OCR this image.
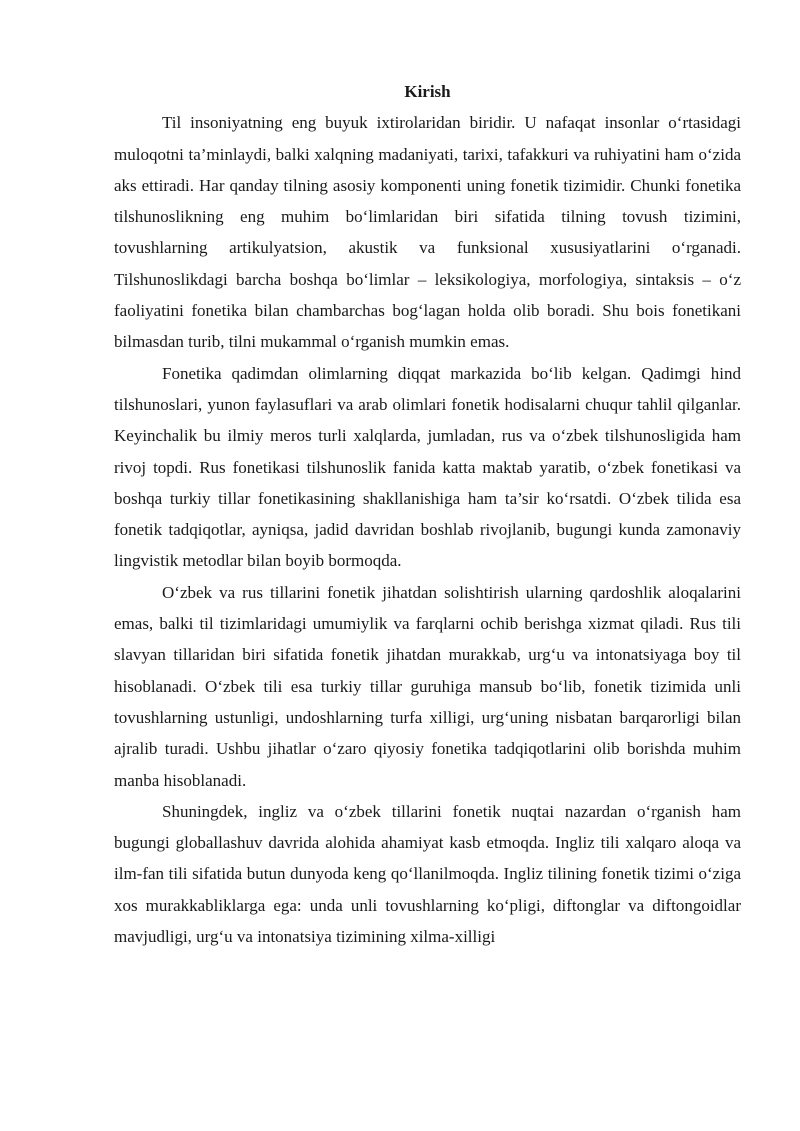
Kirish

Til insoniyatning eng buyuk ixtirolaridan biridir. U nafaqat insonlar o‘rtasidagi muloqotni ta’minlaydi, balki xalqning madaniyati, tarixi, tafakkuri va ruhiyatini ham o‘zida aks ettiradi. Har qanday tilning asosiy komponenti uning fonetik tizimidir. Chunki fonetika tilshunoslikning eng muhim bo‘limlaridan biri sifatida tilning tovush tizimini, tovushlarning artikulyatsion, akustik va funksional xususiyatlarini o‘rganadi. Tilshunoslikdagi barcha boshqa bo‘limlar – leksikologiya, morfologiya, sintaksis – o‘z faoliyatini fonetika bilan chambarchas bog‘lagan holda olib boradi. Shu bois fonetikani bilmasdan turib, tilni mukammal o‘rganish mumkin emas.

Fonetika qadimdan olimlarning diqqat markazida bo‘lib kelgan. Qadimgi hind tilshunoslari, yunon faylasuflari va arab olimlari fonetik hodisalarni chuqur tahlil qilganlar. Keyinchalik bu ilmiy meros turli xalqlarda, jumladan, rus va o‘zbek tilshunosligida ham rivoj topdi. Rus fonetikasi tilshunoslik fanida katta maktab yaratib, o‘zbek fonetikasi va boshqa turkiy tillar fonetikasining shakllanishiga ham ta’sir ko‘rsatdi. O‘zbek tilida esa fonetik tadqiqotlar, ayniqsa, jadid davridan boshlab rivojlanib, bugungi kunda zamonaviy lingvistik metodlar bilan boyib bormoqda.

O‘zbek va rus tillarini fonetik jihatdan solishtirish ularning qardoshlik aloqalarini emas, balki til tizimlaridagi umumiylik va farqlarni ochib berishga xizmat qiladi. Rus tili slavyan tillaridan biri sifatida fonetik jihatdan murakkab, urg‘u va intonatsiyaga boy til hisoblanadi. O‘zbek tili esa turkiy tillar guruhiga mansub bo‘lib, fonetik tizimida unli tovushlarning ustunligi, undoshlarning turfa xilligi, urg‘uning nisbatan barqarorligi bilan ajralib turadi. Ushbu jihatlar o‘zaro qiyosiy fonetika tadqiqotlarini olib borishda muhim manba hisoblanadi.

Shuningdek, ingliz va o‘zbek tillarini fonetik nuqtai nazardan o‘rganish ham bugungi globallashuv davrida alohida ahamiyat kasb etmoqda. Ingliz tili xalqaro aloqa va ilm-fan tili sifatida butun dunyoda keng qo‘llanilmoqda. Ingliz tilining fonetik tizimi o‘ziga xos murakkabliklarga ega: unda unli tovushlarning ko‘pligi, diftonglar va diftongoidlar mavjudligi, urg‘u va intonatsiya tizimining xilma-xilligi
